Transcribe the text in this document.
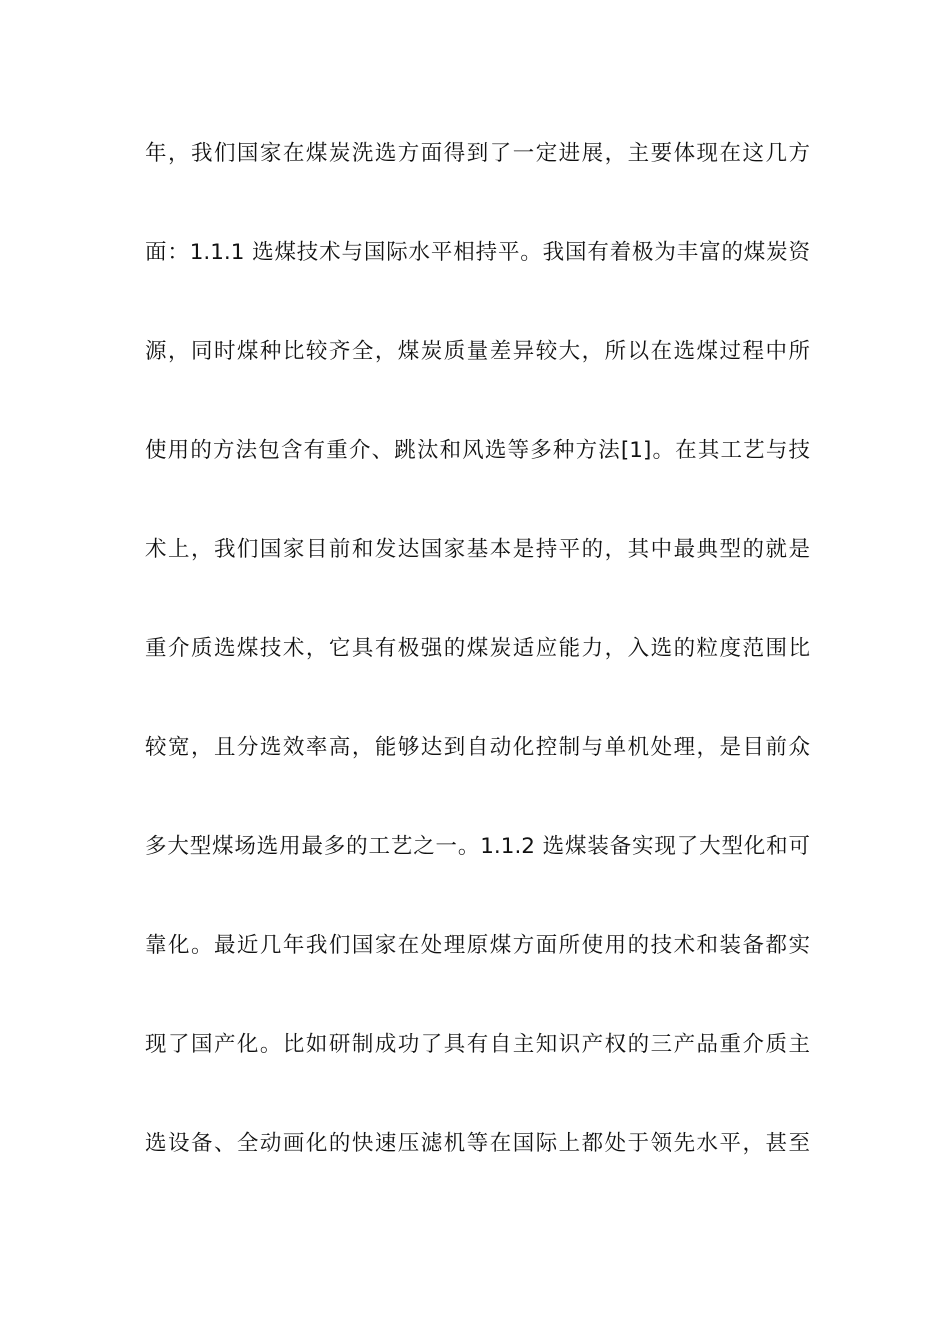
年，我们国家在煤炭洗选方面得到了一定进展，主要体现在这几方
面：1.1.1 选煤技术与国际水平相持平。我国有着极为丰富的煤炭资
源，同时煤种比较齐全，煤炭质量差异较大，所以在选煤过程中所
使用的方法包含有重介、跳汰和风选等多种方法[1]。在其工艺与技
术上，我们国家目前和发达国家基本是持平的，其中最典型的就是
重介质选煤技术，它具有极强的煤炭适应能力，入选的粒度范围比
较宽，且分选效率高，能够达到自动化控制与单机处理，是目前众
多大型煤场选用最多的工艺之一。1.1.2 选煤装备实现了大型化和可
靠化。最近几年我们国家在处理原煤方面所使用的技术和装备都实
现了国产化。比如研制成功了具有自主知识产权的三产品重介质主
选设备、全动画化的快速压滤机等在国际上都处于领先水平，甚至
